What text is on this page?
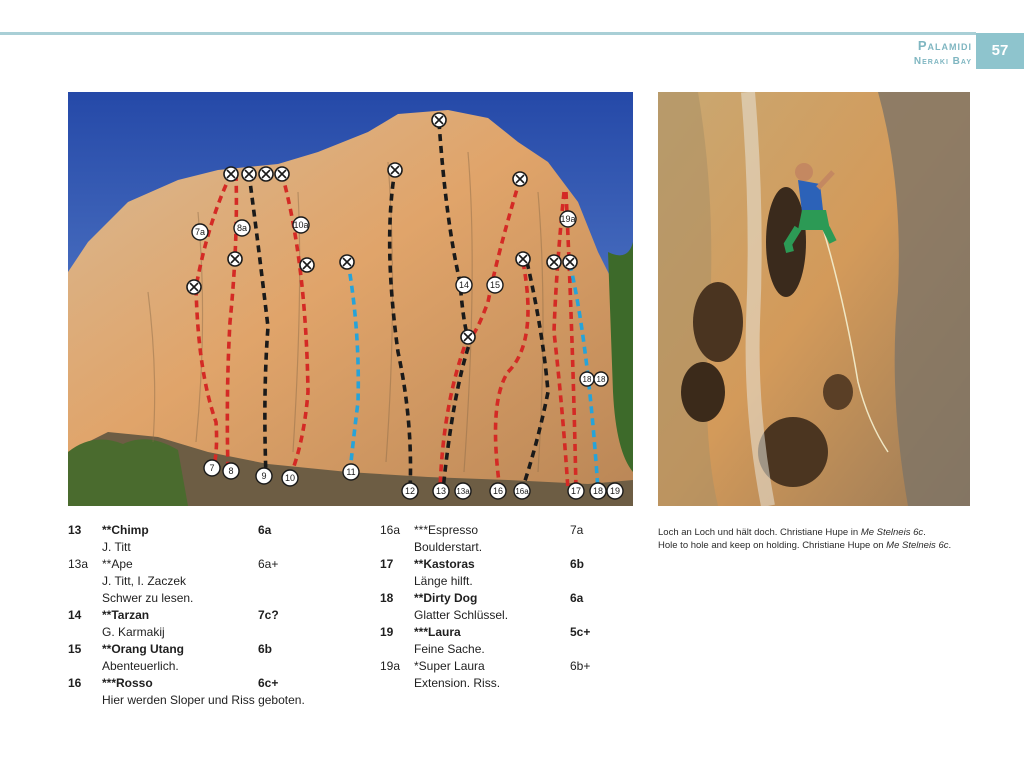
Palamidi
Neraki Bay
57
7a	8a	10a
19a
14 15
18 18
7 8	9 10
11
12 13 13a	16 16a	17 18 19
13 **Chimp	6a
J. Titt
13a **Ape	6a+
J. Titt, I. Zaczek
Schwer zu lesen.
14 **Tarzan	7c?
G. Karmakij
15 **Orang Utang	6b
Abenteuerlich.
16 ***Rosso	6c+
Hier werden Sloper und Riss geboten.
16a ***Espresso	7a
Boulderstart.
17 **Kastoras	6b
Länge hilft.
18 **Dirty Dog	6a
Glatter Schlüssel.
19 ***Laura	5c+
Feine Sache.
19a *Super Laura	6b+
Extension. Riss.
Loch an Loch und hält doch. Christiane Hupe in Me Stelneis 6c.
Hole to hole and keep on holding. Christiane Hupe on Me Stelneis 6c.
